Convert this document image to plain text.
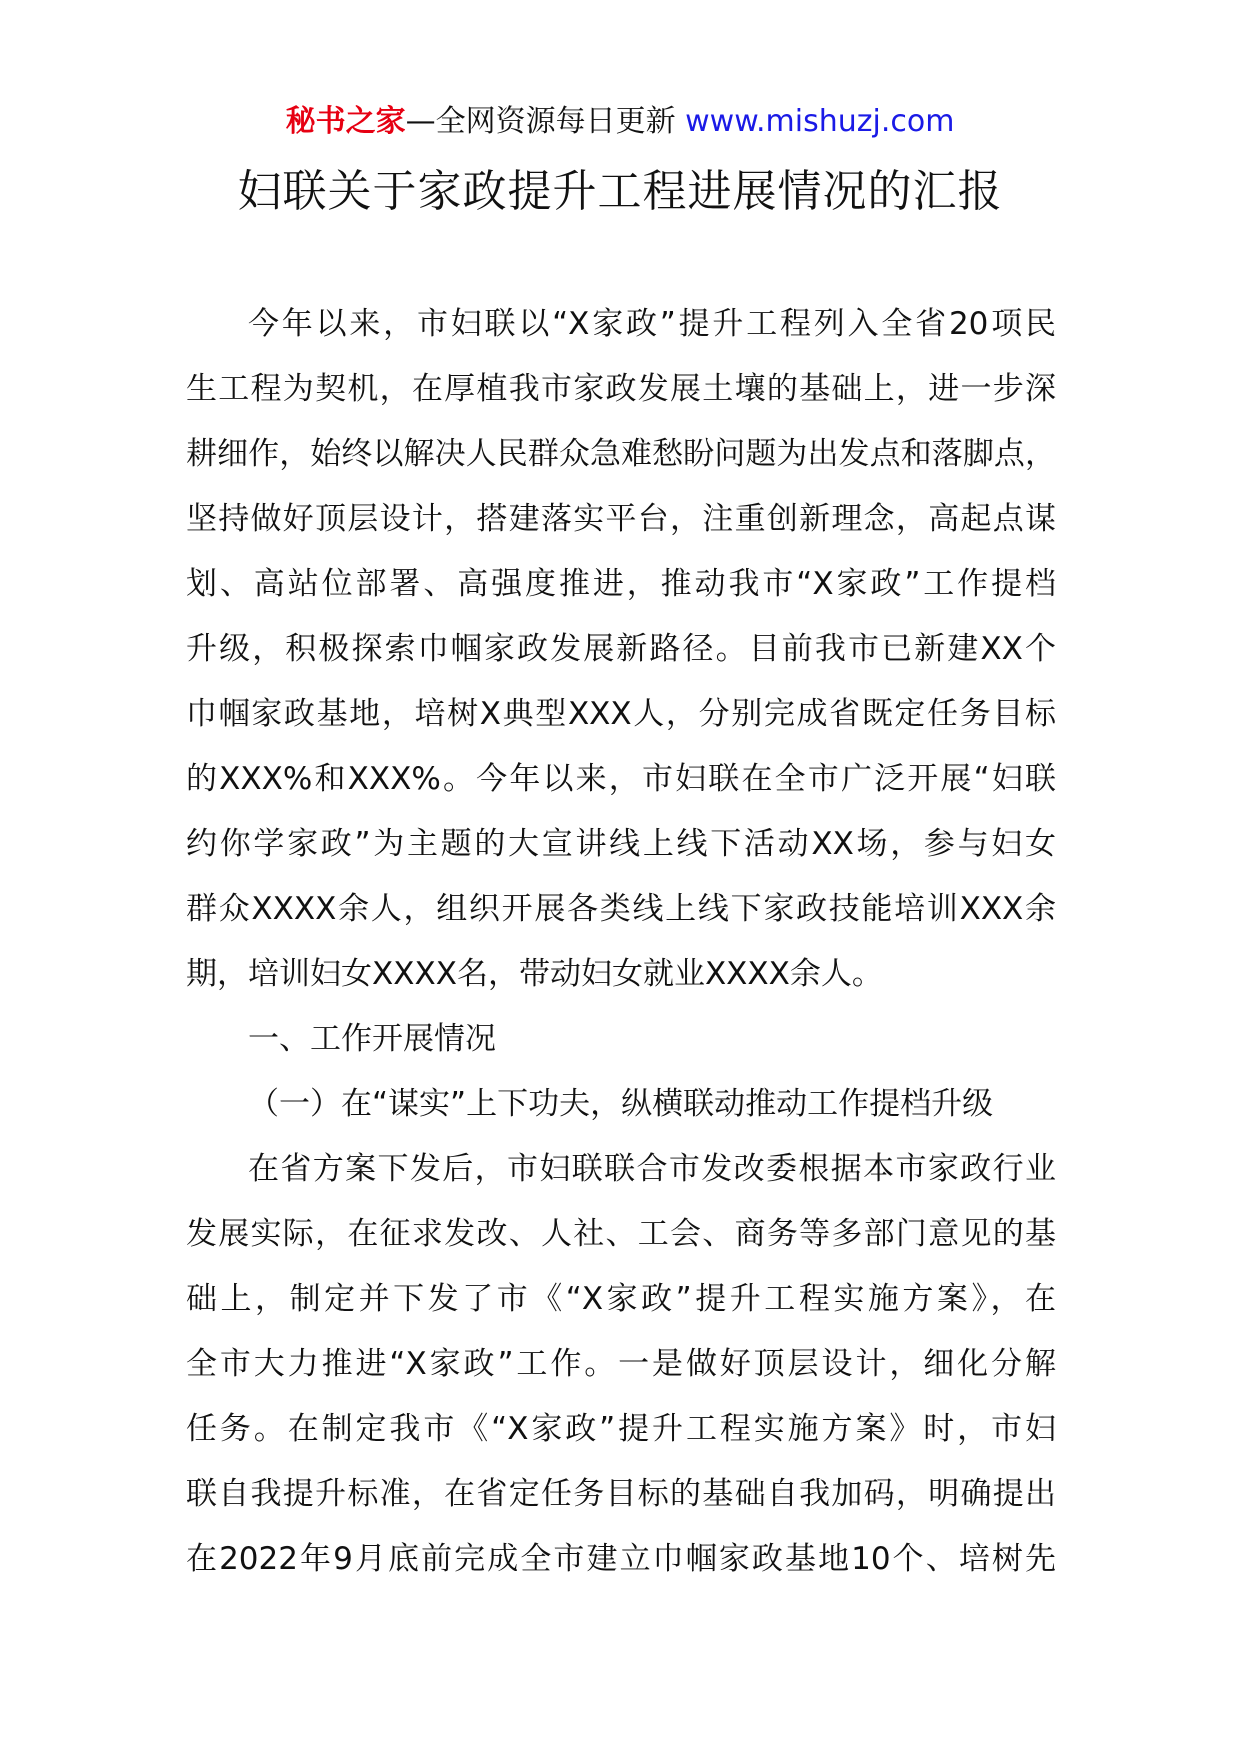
秘书之家—全网资源每日更新 www.mishuzj.com
妇联关于家政提升工程进展情况的汇报
今年以来，市妇联以“X家政”提升工程列入全省20项民
生工程为契机，在厚植我市家政发展土壤的基础上，进一步深
耕细作，始终以解决人民群众急难愁盼问题为出发点和落脚点，
坚持做好顶层设计，搭建落实平台，注重创新理念，高起点谋
划、高站位部署、高强度推进，推动我市“X家政”工作提档
升级，积极探索巾帼家政发展新路径。目前我市已新建XX个
巾帼家政基地，培树X典型XXX人，分别完成省既定任务目标
的XXX%和XXX%。今年以来，市妇联在全市广泛开展“妇联
约你学家政”为主题的大宣讲线上线下活动XX场，参与妇女
群众XXXX余人，组织开展各类线上线下家政技能培训XXX余
期，培训妇女XXXX名，带动妇女就业XXXX余人。
一、工作开展情况
（一）在“谋实”上下功夫，纵横联动推动工作提档升级
在省方案下发后，市妇联联合市发改委根据本市家政行业
发展实际，在征求发改、人社、工会、商务等多部门意见的基
础上，制定并下发了市《“X家政”提升工程实施方案》，在
全市大力推进“X家政”工作。一是做好顶层设计，细化分解
任务。在制定我市《“X家政”提升工程实施方案》时，市妇
联自我提升标准，在省定任务目标的基础自我加码，明确提出
在2022年9月底前完成全市建立巾帼家政基地10个、培树先
